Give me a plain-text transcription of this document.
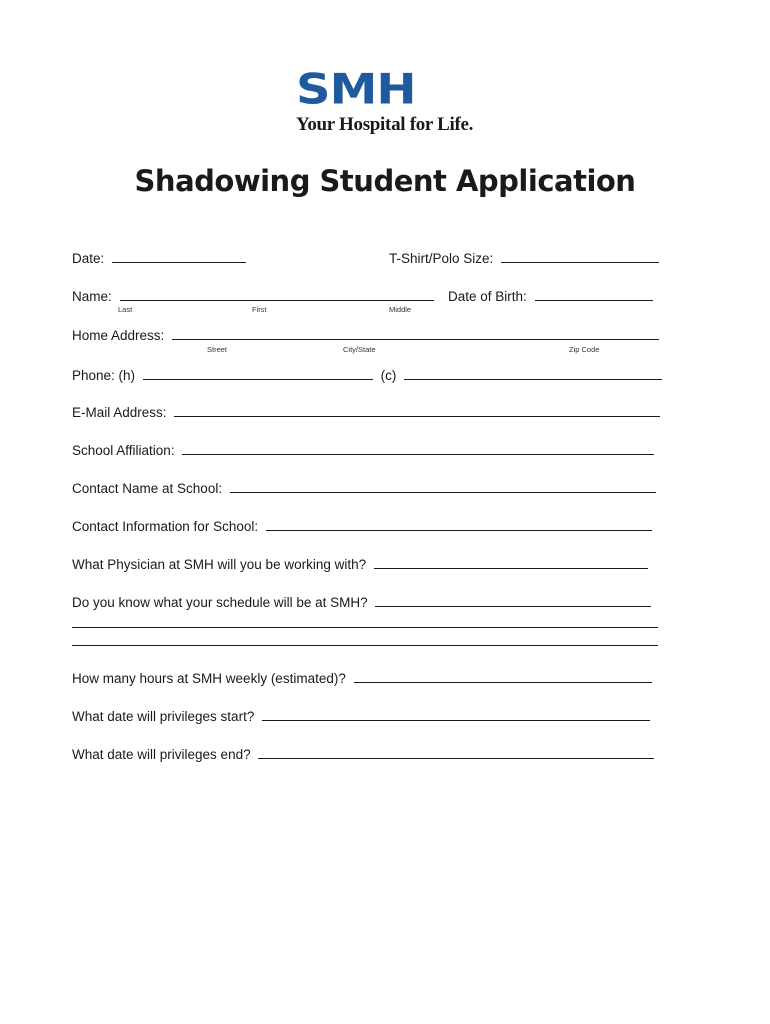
SMH
Your Hospital for Life.
Shadowing Student Application
Date:	T-Shirt/Polo Size:
Name:
Last	First	Middle
Date of Birth:
Home Address:
Street	City/State	Zip Code
Phone: (h)	(c)
E-Mail Address:
School Affiliation:
Contact Name at School:
Contact Information for School:
What Physician at SMH will you be working with?
Do you know what your schedule will be at SMH?
How many hours at SMH weekly (estimated)?
What date will privileges start?
What date will privileges end?
